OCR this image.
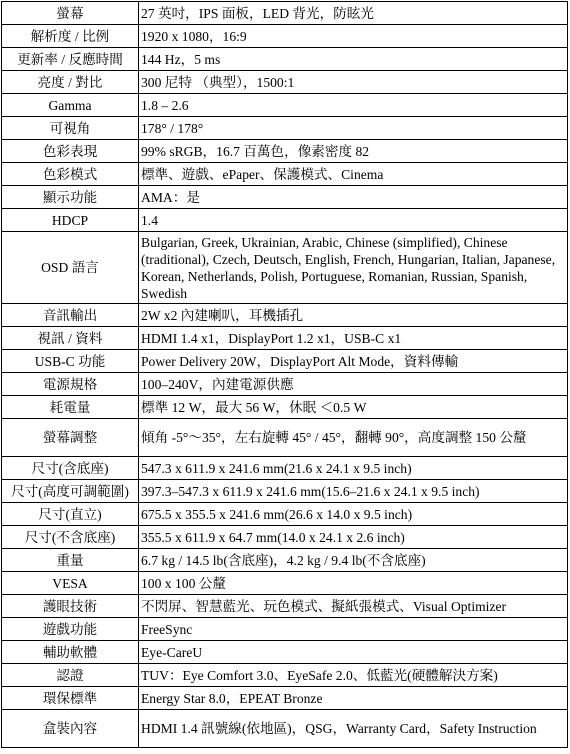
螢幕	27 英吋，IPS 面板，LED 背光，防眩光
解析度 / 比例	1920 x 1080，16:9
更新率 / 反應時間	144 Hz，5 ms
亮度 / 對比	300 尼特 （典型），1500:1
Gamma	1.8 – 2.6
可視角	178° / 178°
色彩表現	99% sRGB，16.7 百萬色，像素密度 82
色彩模式	標準、遊戲、ePaper、保護模式、Cinema
顯示功能	AMA：是
HDCP	1.4
OSD 語言	Bulgarian, Greek, Ukrainian, Arabic, Chinese (simplified), Chinese (traditional), Czech, Deutsch, English, French, Hungarian, Italian, Japanese, Korean, Netherlands, Polish, Portuguese, Romanian, Russian, Spanish, Swedish
音訊輸出	2W x2 內建喇叭，耳機插孔
視訊 / 資料	HDMI 1.4 x1，DisplayPort 1.2 x1，USB-C x1
USB-C 功能	Power Delivery 20W，DisplayPort Alt Mode，資料傳輸
電源規格	100–240V，內建電源供應
耗電量	標準 12 W，最大 56 W，休眠 ＜0.5 W
螢幕調整	傾角 -5°～35°，左右旋轉 45° / 45°，翻轉 90°，高度調整 150 公釐
尺寸(含底座)	547.3 x 611.9 x 241.6 mm(21.6 x 24.1 x 9.5 inch)
尺寸(高度可調範圍)	397.3–547.3 x 611.9 x 241.6 mm(15.6–21.6 x 24.1 x 9.5 inch)
尺寸(直立)	675.5 x 355.5 x 241.6 mm(26.6 x 14.0 x 9.5 inch)
尺寸(不含底座)	355.5 x 611.9 x 64.7 mm(14.0 x 24.1 x 2.6 inch)
重量	6.7 kg / 14.5 lb(含底座)，4.2 kg / 9.4 lb(不含底座)
VESA	100 x 100 公釐
護眼技術	不閃屏、智慧藍光、玩色模式、擬紙張模式、Visual Optimizer
遊戲功能	FreeSync
輔助軟體	Eye-CareU
認證	TUV：Eye Comfort 3.0、EyeSafe 2.0、低藍光(硬體解決方案)
環保標準	Energy Star 8.0，EPEAT Bronze
盒裝內容	HDMI 1.4 訊號線(依地區)，QSG，Warranty Card，Safety Instruction
